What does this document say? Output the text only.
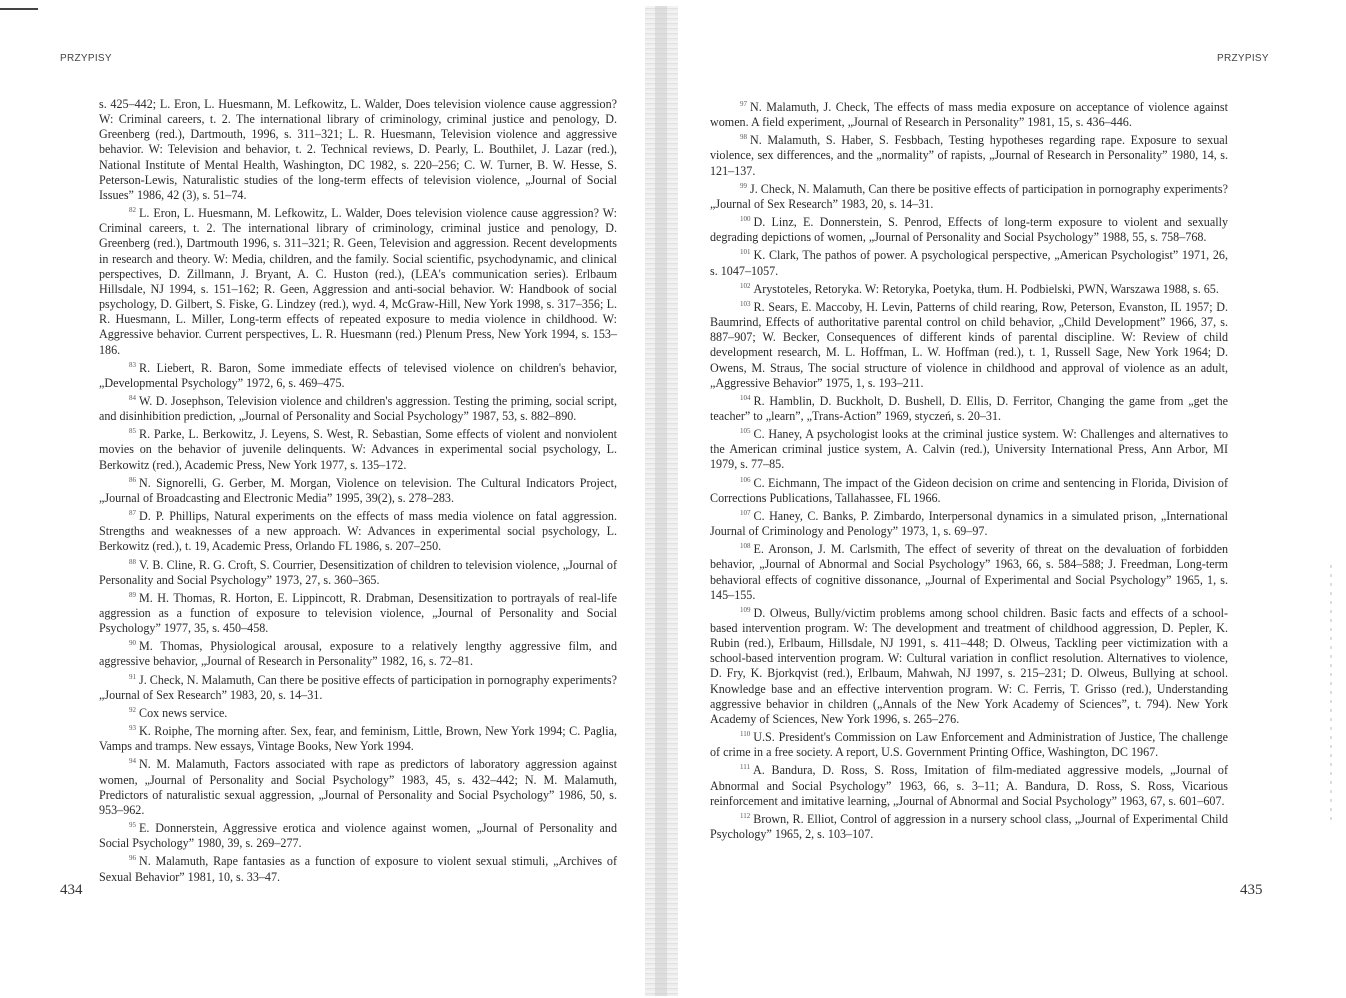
PRZYPISY	PRZYPISY

s. 425–442; L. Eron, L. Huesmann, M. Lefkowitz, L. Walder, Does television violence cause aggression? W: Criminal careers, t. 2. The international library of criminology, criminal justice and penology, D. Greenberg (red.), Dartmouth, 1996, s. 311–321; L. R. Huesmann, Television violence and aggressive behavior. W: Television and behavior, t. 2. Technical reviews, D. Pearly, L. Bouthilet, J. Lazar (red.), National Institute of Mental Health, Washington, DC 1982, s. 220–256; C. W. Turner, B. W. Hesse, S. Peterson-Lewis, Naturalistic studies of the long-term effects of television violence, „Journal of Social Issues” 1986, 42 (3), s. 51–74.

$^{82}$ L. Eron, L. Huesmann, M. Lefkowitz, L. Walder, Does television violence cause aggression? W: Criminal careers, t. 2. The international library of criminology, criminal justice and penology, D. Greenberg (red.), Dartmouth 1996, s. 311–321; R. Geen, Television and aggression. Recent developments in research and theory. W: Media, children, and the family. Social scientific, psychodynamic, and clinical perspectives, D. Zillmann, J. Bryant, A. C. Huston (red.), (LEA's communication series). Erlbaum Hillsdale, NJ 1994, s. 151–162; R. Geen, Aggression and anti-social behavior. W: Handbook of social psychology, D. Gilbert, S. Fiske, G. Lindzey (red.), wyd. 4, McGraw-Hill, New York 1998, s. 317–356; L. R. Huesmann, L. Miller, Long-term effects of repeated exposure to media violence in childhood. W: Aggressive behavior. Current perspectives, L. R. Huesmann (red.) Plenum Press, New York 1994, s. 153–186.

$^{83}$ R. Liebert, R. Baron, Some immediate effects of televised violence on children's behavior, „Developmental Psychology” 1972, 6, s. 469–475.

$^{84}$ W. D. Josephson, Television violence and children's aggression. Testing the priming, social script, and disinhibition prediction, „Journal of Personality and Social Psychology” 1987, 53, s. 882–890.

$^{85}$ R. Parke, L. Berkowitz, J. Leyens, S. West, R. Sebastian, Some effects of violent and nonviolent movies on the behavior of juvenile delinquents. W: Advances in experimental social psychology, L. Berkowitz (red.), Academic Press, New York 1977, s. 135–172.

$^{86}$ N. Signorelli, G. Gerber, M. Morgan, Violence on television. The Cultural Indicators Project, „Journal of Broadcasting and Electronic Media” 1995, 39(2), s. 278–283.

$^{87}$ D. P. Phillips, Natural experiments on the effects of mass media violence on fatal aggression. Strengths and weaknesses of a new approach. W: Advances in experimental social psychology, L. Berkowitz (red.), t. 19, Academic Press, Orlando FL 1986, s. 207–250.

$^{88}$ V. B. Cline, R. G. Croft, S. Courrier, Desensitization of children to television violence, „Journal of Personality and Social Psychology” 1973, 27, s. 360–365.

$^{89}$ M. H. Thomas, R. Horton, E. Lippincott, R. Drabman, Desensitization to portrayals of real-life aggression as a function of exposure to television violence, „Journal of Personality and Social Psychology” 1977, 35, s. 450–458.

$^{90}$ M. Thomas, Physiological arousal, exposure to a relatively lengthy aggressive film, and aggressive behavior, „Journal of Research in Personality” 1982, 16, s. 72–81.

$^{91}$ J. Check, N. Malamuth, Can there be positive effects of participation in pornography experiments? „Journal of Sex Research” 1983, 20, s. 14–31.

$^{92}$ Cox news service.

$^{93}$ K. Roiphe, The morning after. Sex, fear, and feminism, Little, Brown, New York 1994; C. Paglia, Vamps and tramps. New essays, Vintage Books, New York 1994.

$^{94}$ N. M. Malamuth, Factors associated with rape as predictors of laboratory aggression against women, „Journal of Personality and Social Psychology” 1983, 45, s. 432–442; N. M. Malamuth, Predictors of naturalistic sexual aggression, „Journal of Personality and Social Psychology” 1986, 50, s. 953–962.

$^{95}$ E. Donnerstein, Aggressive erotica and violence against women, „Journal of Personality and Social Psychology” 1980, 39, s. 269–277.

$^{96}$ N. Malamuth, Rape fantasies as a function of exposure to violent sexual stimuli, „Archives of Sexual Behavior” 1981, 10, s. 33–47.

$^{97}$ N. Malamuth, J. Check, The effects of mass media exposure on acceptance of violence against women. A field experiment, „Journal of Research in Personality” 1981, 15, s. 436–446.

$^{98}$ N. Malamuth, S. Haber, S. Fesbbach, Testing hypotheses regarding rape. Exposure to sexual violence, sex differences, and the „normality” of rapists, „Journal of Research in Personality” 1980, 14, s. 121–137.

$^{99}$ J. Check, N. Malamuth, Can there be positive effects of participation in pornography experiments? „Journal of Sex Research” 1983, 20, s. 14–31.

$^{100}$ D. Linz, E. Donnerstein, S. Penrod, Effects of long-term exposure to violent and sexually degrading depictions of women, „Journal of Personality and Social Psychology” 1988, 55, s. 758–768.

$^{101}$ K. Clark, The pathos of power. A psychological perspective, „American Psychologist” 1971, 26, s. 1047–1057.

$^{102}$ Arystoteles, Retoryka. W: Retoryka, Poetyka, tłum. H. Podbielski, PWN, Warszawa 1988, s. 65.

$^{103}$ R. Sears, E. Maccoby, H. Levin, Patterns of child rearing, Row, Peterson, Evanston, IL 1957; D. Baumrind, Effects of authoritative parental control on child behavior, „Child Development” 1966, 37, s. 887–907; W. Becker, Consequences of different kinds of parental discipline. W: Review of child development research, M. L. Hoffman, L. W. Hoffman (red.), t. 1, Russell Sage, New York 1964; D. Owens, M. Straus, The social structure of violence in childhood and approval of violence as an adult, „Aggressive Behavior” 1975, 1, s. 193–211.

$^{104}$ R. Hamblin, D. Buckholt, D. Bushell, D. Ellis, D. Ferritor, Changing the game from „get the teacher” to „learn”, „Trans-Action” 1969, styczeń, s. 20–31.

$^{105}$ C. Haney, A psychologist looks at the criminal justice system. W: Challenges and alternatives to the American criminal justice system, A. Calvin (red.), University International Press, Ann Arbor, MI 1979, s. 77–85.

$^{106}$ C. Eichmann, The impact of the Gideon decision on crime and sentencing in Florida, Division of Corrections Publications, Tallahassee, FL 1966.

$^{107}$ C. Haney, C. Banks, P. Zimbardo, Interpersonal dynamics in a simulated prison, „International Journal of Criminology and Penology” 1973, 1, s. 69–97.

$^{108}$ E. Aronson, J. M. Carlsmith, The effect of severity of threat on the devaluation of forbidden behavior, „Journal of Abnormal and Social Psychology” 1963, 66, s. 584–588; J. Freedman, Long-term behavioral effects of cognitive dissonance, „Journal of Experimental and Social Psychology” 1965, 1, s. 145–155.

$^{109}$ D. Olweus, Bully/victim problems among school children. Basic facts and effects of a school-based intervention program. W: The development and treatment of childhood aggression, D. Pepler, K. Rubin (red.), Erlbaum, Hillsdale, NJ 1991, s. 411–448; D. Olweus, Tackling peer victimization with a school-based intervention program. W: Cultural variation in conflict resolution. Alternatives to violence, D. Fry, K. Bjorkqvist (red.), Erlbaum, Mahwah, NJ 1997, s. 215–231; D. Olweus, Bullying at school. Knowledge base and an effective intervention program. W: C. Ferris, T. Grisso (red.), Understanding aggressive behavior in children („Annals of the New York Academy of Sciences”, t. 794). New York Academy of Sciences, New York 1996, s. 265–276.

$^{110}$ U.S. President's Commission on Law Enforcement and Administration of Justice, The challenge of crime in a free society. A report, U.S. Government Printing Office, Washington, DC 1967.

$^{111}$ A. Bandura, D. Ross, S. Ross, Imitation of film-mediated aggressive models, „Journal of Abnormal and Social Psychology” 1963, 66, s. 3–11; A. Bandura, D. Ross, S. Ross, Vicarious reinforcement and imitative learning, „Journal of Abnormal and Social Psychology” 1963, 67, s. 601–607.

$^{112}$ Brown, R. Elliot, Control of aggression in a nursery school class, „Journal of Experimental Child Psychology” 1965, 2, s. 103–107.

434	435
